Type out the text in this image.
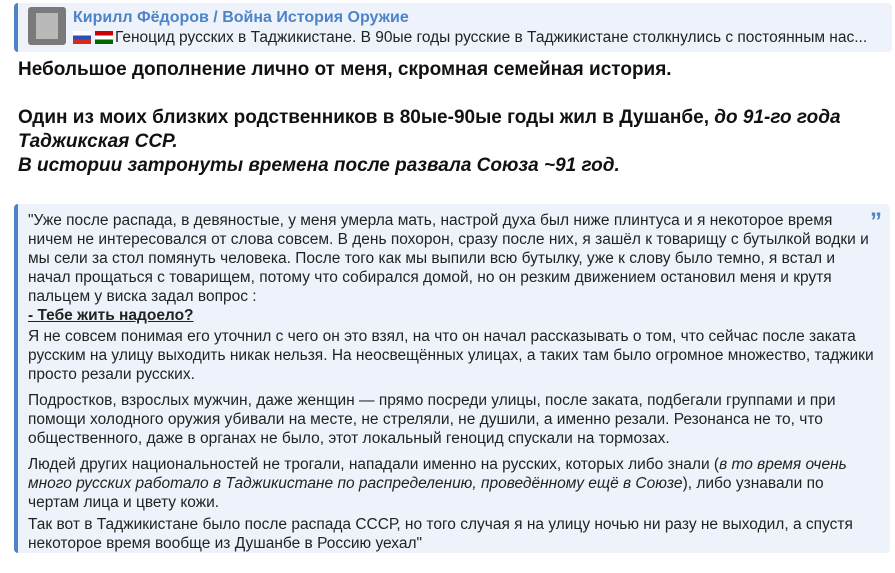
Кирилл Фёдоров / Война История Оружие
Геноцид русских в Таджикистане. В 90ые годы русские в Таджикистане столкнулись с постоянным нас...
Небольшое дополнение лично от меня, скромная семейная история.
Один из моих близких родственников в 80ые-90ые годы жил в Душанбе, до 91-го года Таджикская ССР.
В истории затронуты времена после развала Союза ~91 год.
”

"Уже после распада, в девяностые, у меня умерла мать, настрой духа был ниже плинтуса и я некоторое время ничем не интересовался от слова совсем. В день похорон, сразу после них, я зашёл к товарищу с бутылкой водки и мы сели за стол помянуть человека. После того как мы выпили всю бутылку, уже к слову было темно, я встал и начал прощаться с товарищем, потому что собирался домой, но он резким движением остановил меня и крутя пальцем у виска задал вопрос :

- Тебе жить надоело?

Я не совсем понимая его уточнил с чего он это взял, на что он начал рассказывать о том, что сейчас после заката русским на улицу выходить никак нельзя. На неосвещённых улицах, а таких там было огромное множество, таджики просто резали русских.

Подростков, взрослых мужчин, даже женщин — прямо посреди улицы, после заката, подбегали группами и при помощи холодного оружия убивали на месте, не стреляли, не душили, а именно резали. Резонанса не то, что общественного, даже в органах не было, этот локальный геноцид спускали на тормозах.

Людей других национальностей не трогали, нападали именно на русских, которых либо знали (в то время очень много русских работало в Таджикистане по распределению, проведённому ещё в Союзе), либо узнавали по чертам лица и цвету кожи.

Так вот в Таджикистане было после распада СССР, но того случая я на улицу ночью ни разу не выходил, а спустя некоторое время вообще из Душанбе в Россию уехал"
